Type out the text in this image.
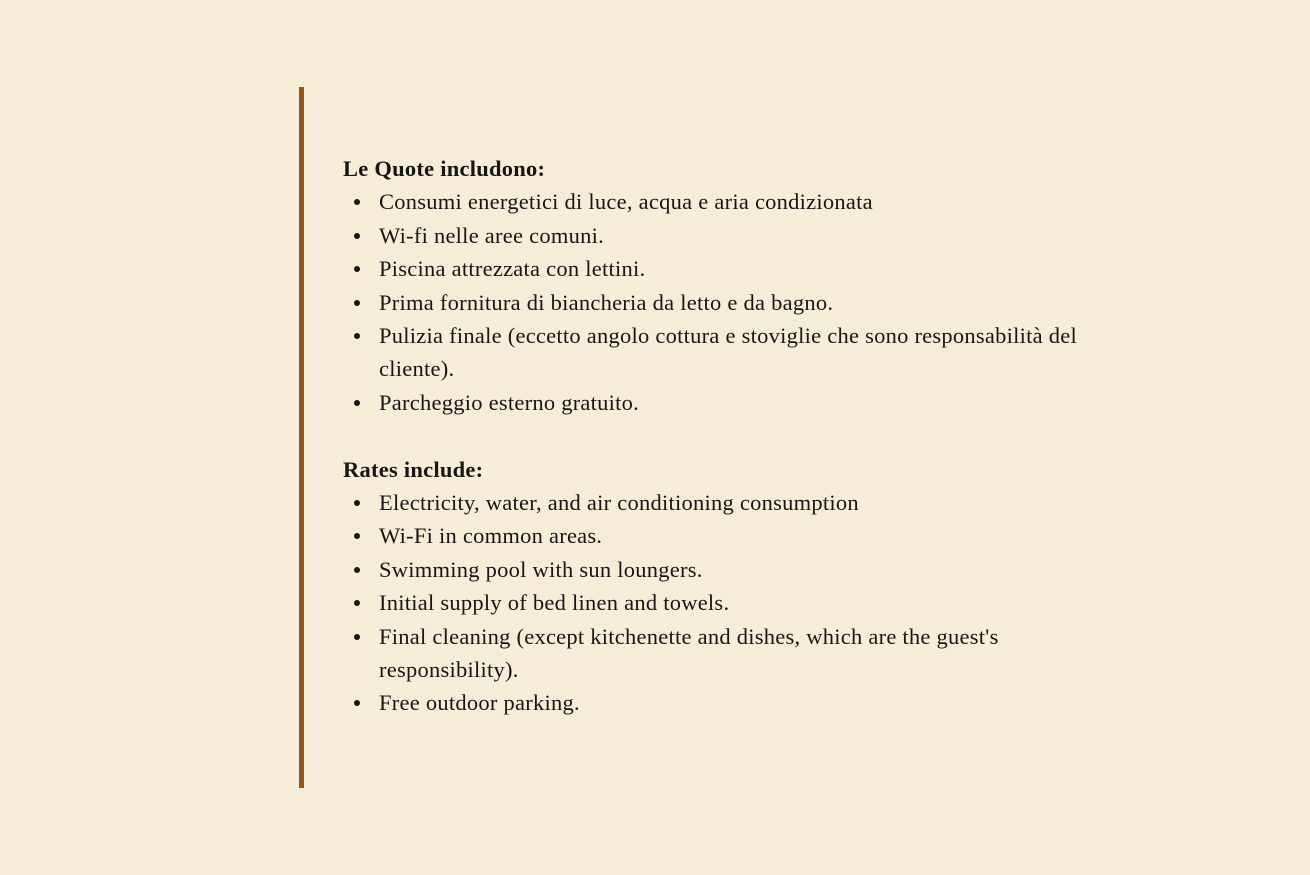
Le Quote includono:

Consumi energetici di luce, acqua e aria condizionata
Wi-fi nelle aree comuni.
Piscina attrezzata con lettini.
Prima fornitura di biancheria da letto e da bagno.
Pulizia finale (eccetto angolo cottura e stoviglie che sono responsabilità del cliente).
Parcheggio esterno gratuito.

Rates include:

Electricity, water, and air conditioning consumption
Wi-Fi in common areas.
Swimming pool with sun loungers.
Initial supply of bed linen and towels.
Final cleaning (except kitchenette and dishes, which are the guest's responsibility).
Free outdoor parking.
